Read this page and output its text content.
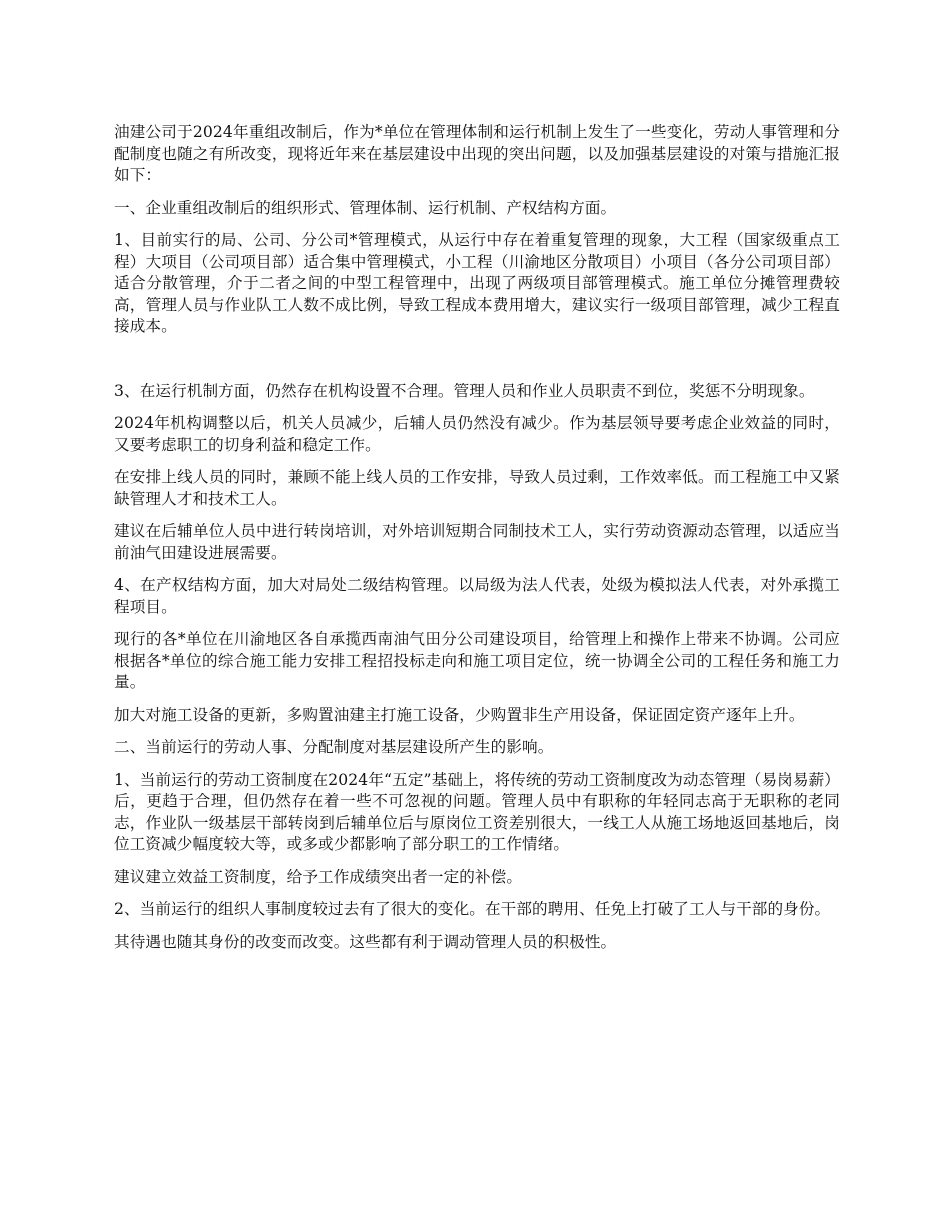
油建公司于2024年重组改制后，作为*单位在管理体制和运行机制上发生了一些变化，劳动人事管理和分配制度也随之有所改变，现将近年来在基层建设中出现的突出问题，以及加强基层建设的对策与措施汇报如下：

一、企业重组改制后的组织形式、管理体制、运行机制、产权结构方面。

1、目前实行的局、公司、分公司*管理模式，从运行中存在着重复管理的现象，大工程（国家级重点工程）大项目（公司项目部）适合集中管理模式，小工程（川渝地区分散项目）小项目（各分公司项目部）适合分散管理，介于二者之间的中型工程管理中，出现了两级项目部管理模式。施工单位分摊管理费较高，管理人员与作业队工人数不成比例，导致工程成本费用增大，建议实行一级项目部管理，减少工程直接成本。

3、在运行机制方面，仍然存在机构设置不合理。管理人员和作业人员职责不到位，奖惩不分明现象。

2024年机构调整以后，机关人员减少，后辅人员仍然没有减少。作为基层领导要考虑企业效益的同时，又要考虑职工的切身利益和稳定工作。

在安排上线人员的同时，兼顾不能上线人员的工作安排，导致人员过剩，工作效率低。而工程施工中又紧缺管理人才和技术工人。

建议在后辅单位人员中进行转岗培训，对外培训短期合同制技术工人，实行劳动资源动态管理，以适应当前油气田建设进展需要。

4、在产权结构方面，加大对局处二级结构管理。以局级为法人代表，处级为模拟法人代表，对外承揽工程项目。

现行的各*单位在川渝地区各自承揽西南油气田分公司建设项目，给管理上和操作上带来不协调。公司应根据各*单位的综合施工能力安排工程招投标走向和施工项目定位，统一协调全公司的工程任务和施工力量。

加大对施工设备的更新，多购置油建主打施工设备，少购置非生产用设备，保证固定资产逐年上升。

二、当前运行的劳动人事、分配制度对基层建设所产生的影响。

1、当前运行的劳动工资制度在2024年“五定”基础上，将传统的劳动工资制度改为动态管理（易岗易薪）后，更趋于合理，但仍然存在着一些不可忽视的问题。管理人员中有职称的年轻同志高于无职称的老同志，作业队一级基层干部转岗到后辅单位后与原岗位工资差别很大，一线工人从施工场地返回基地后，岗位工资减少幅度较大等，或多或少都影响了部分职工的工作情绪。

建议建立效益工资制度，给予工作成绩突出者一定的补偿。

2、当前运行的组织人事制度较过去有了很大的变化。在干部的聘用、任免上打破了工人与干部的身份。

其待遇也随其身份的改变而改变。这些都有利于调动管理人员的积极性。
